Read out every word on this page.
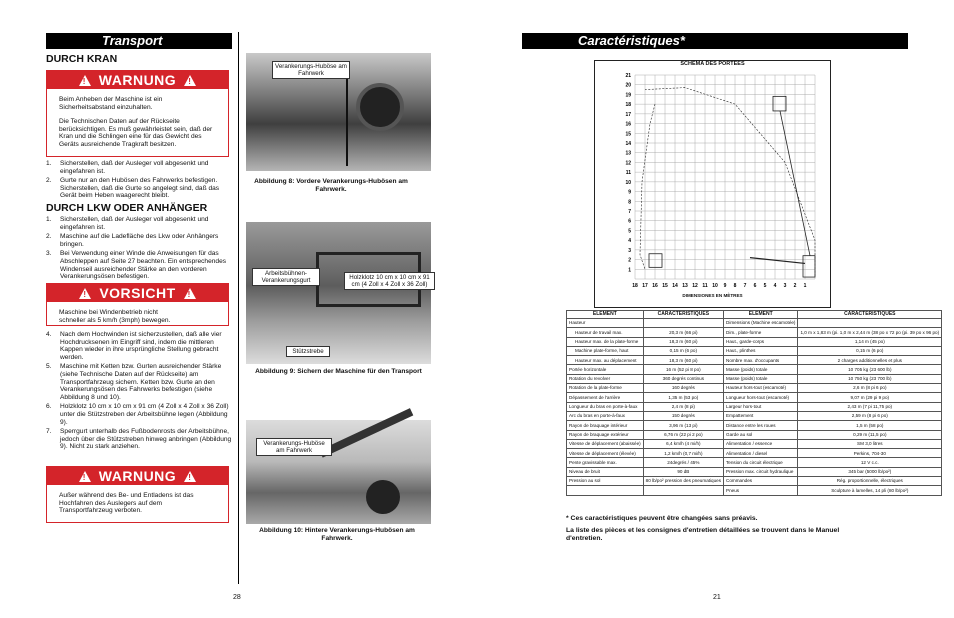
Transport
DURCH KRAN
!
WARNUNG
!
Beim Anheben der Maschine ist ein Sicherheitsabstand einzuhalten.
Die Technischen Daten auf der Rückseite berücksichtigen. Es muß gewährleistet sein, daß der Kran und die Schlingen eine für das Gewicht des Geräts ausreichende Tragkraft besitzen.
1.	Sicherstellen, daß der Ausleger voll abgesenkt und eingefahren ist.
2.	Gurte nur an den Hubösen des Fahrwerks befestigen. Sicherstellen, daß die Gurte so angelegt sind, daß das Gerät beim Heben waagerecht bleibt.
DURCH LKW ODER ANHÄNGER
1.	Sicherstellen, daß der Ausleger voll abgesenkt und eingefahren ist.
2.	Maschine auf die Ladefläche des Lkw oder Anhängers bringen.
3.	Bei Verwendung einer Winde die Anweisungen für das Abschleppen auf Seite 27 beachten. Ein entsprechendes Windenseil ausreichender Stärke an den vorderen Verankerungsösen befestigen.
!
VORSICHT
!
Maschine bei Windenbetrieb nicht schneller als 5 km/h (3mph) bewegen.
4.	Nach dem Hochwinden ist sicherzustellen, daß alle vier Hochdrucksenen im Eingriff sind, indem die mittleren Kappen wieder in ihre ursprüngliche Stellung gebracht werden.
5.	Maschine mit Ketten bzw. Gurten ausreichender Stärke (siehe Technische Daten auf der Rückseite) am Transportfahrzeug sichern. Ketten bzw. Gurte an den Verankerungsösen des Fahrwerks befestigen (siehe Abbildung 8 und 10).
6.	Holzklotz 10 cm x 10 cm x 91 cm (4 Zoll x 4 Zoll x 36 Zoll) unter die Stützstreben der Arbeitsbühne legen (Abbildung 9).
7.	Sperrgurt unterhalb des Fußbodenrosts der Arbeitsbühne, jedoch über die Stützstreben hinweg anbringen (Abbildung 9). Nicht zu stark anziehen.
!
WARNUNG
!
Außer während des Be- und Entladens ist das Hochfahren des Auslegers auf dem Transportfahrzeug verboten.
Verankerungs-Huböse am Fahrwerk
Abbildung 8: Vordere Verankerungs-Hubösen am Fahrwerk.
Arbeitsbühnen-Verankerungsgurt	Holzklotz 10 cm x 10 cm x 91 cm (4 Zoll x 4 Zoll x 36 Zoll)
Stützstrebe
Abbildung 9: Sichern der Maschine für den Transport
Verankerungs-Huböse am Fahrwerk
Abbildung 10: Hintere Verankerungs-Hubösen am Fahrwerk.
28
Caractéristiques*
SCHÉMA DES PORTÉES
18 17 16 15 14 13 12 11 10 9 8 7 6 5 4 3 2 1
21
20
19
18
17
16
15
14
13
12
11
10
9
8
7
6
5
4
3
2
1
DIMENSIONES EN MÈTRES
ELEMENT	CARACTÉRISTIQUES	ELEMENT	CARACTÉRISTIQUES
Hauteur		Dimensions (Machine escamotée)	
Hauteur de travail max.	20,3 m (66 pi)	Dim., plate-forme	1,0 m x 1,83 m (pi. 1,0 m x 2,44 m (38 po x 72 po (pi. 39 po x 96 po)
Hauteur max. de la plate-forme	18,3 m (60 pi)	Haut., garde-corps	1,14 m (45 po)
Machine plate-forme, haut	0,15 m (6 po)	Haut., plinthes	0,15 m (6 po)
Hauteur max. au déplacement	18,3 m (60 pi)	Nombre max. d'occupants	2 charges additionnelles et plus
Portée horizontale	16 m (52 pi 8 po)	Masse (poids) totale	10 705 kg (23 600 lb)
Rotation du revolver	360 degrés continus	Masse (poids) totale	10 750 kg (23 700 lb)
Rotation de la plate-forme	160 degrés	Hauteur hors-tout (escamoté)	2,6 m (8 pi 6 po)
Dépassement de l'arrière	1,35 m (53 po)	Longueur hors-tout (escamoté)	9,07 m (29 pi 9 po)
Longueur du bras en porte-à-faux	2,4 m (8 pi)	Largeur hors-tout	2,43 m (7 pi 11,75 po)
Arc du bras en porte-à-faux	150 degrés	Empattement	2,59 m (8 pi 6 po)
Rayon de braquage intérieur	3,96 m (13 pi)	Distance entre les roues	1,5 m (58 po)
Rayon de braquage extérieur	6,76 m (22 pi 2 po)	Garde au sol	0,29 m (11,5 po)
Vitesse de déplacement (abaissée)	6,4 km/h (4 mi/h)	Alimentation / essence	SM 3,0 litres
Vitesse de déplacement (élevée)	1,2 km/h (0,7 mi/h)	Alimentation / diesel	Perkins, 704-30
Pente gravissable max.	24degrés / 45%	Tension du circuit électrique	12 V c.c.
Niveau de bruit	90 dB	Pression max. circuit hydraulique	345 bar (5000 lb/po²)
Pression au sol	80 lb/po² pression des pneumatiques	Commandes	Rég. proportionnelle, électriques
		Pneus	Sculpture à lamelles, 14 pli (80 lb/po²)
* Ces caractéristiques peuvent être changées sans préavis.
La liste des pièces et les consignes d'entretien détaillées se trouvent dans le Manuel d'entretien.
21
